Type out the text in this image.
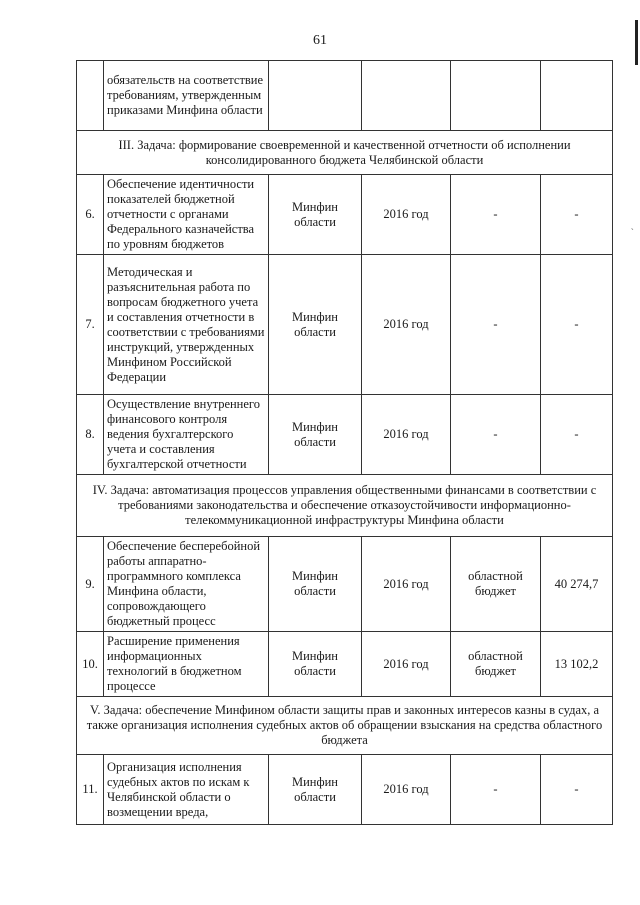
61
`
	обязательств на соответствие требованиям, утвержденным приказами Минфина области				
III. Задача: формирование своевременной и качественной отчетности об исполнении консолидированного бюджета Челябинской области					
6.	Обеспечение идентичности показателей бюджетной отчетности с органами Федерального казначейства по уровням бюджетов	Минфин области	2016 год	-	-
7.	Методическая и разъяснительная работа по вопросам бюджетного учета и составления отчетности в соответствии с требованиями инструкций, утвержденных Минфином Российской Федерации	Минфин области	2016 год	-	-
8.	Осуществление внутреннего финансового контроля ведения бухгалтерского учета и составления бухгалтерской отчетности	Минфин области	2016 год	-	-
IV. Задача: автоматизация процессов управления общественными финансами в соответствии с требованиями законодательства и обеспечение отказоустойчивости информационно-телекоммуникационной инфраструктуры Минфина области					
9.	Обеспечение бесперебойной работы аппаратно-программного комплекса Минфина области, сопровождающего бюджетный процесс	Минфин области	2016 год	областной бюджет	40 274,7
10.	Расширение применения информационных технологий в бюджетном процессе	Минфин области	2016 год	областной бюджет	13 102,2
V. Задача: обеспечение Минфином области защиты прав и законных интересов казны в судах, а также организация исполнения судебных актов об обращении взыскания на средства областного бюджета					
11.	Организация исполнения судебных актов по искам к Челябинской области о возмещении вреда,	Минфин области	2016 год	-	-
